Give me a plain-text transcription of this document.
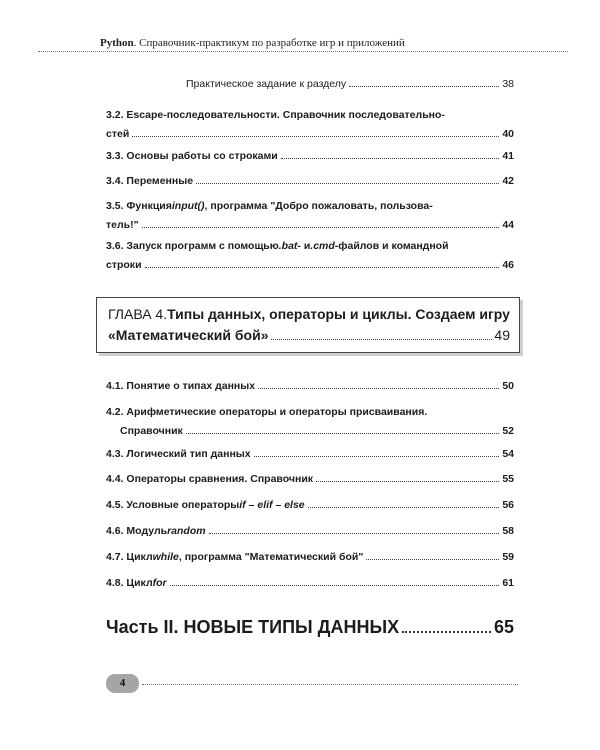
Python. Справочник-практикум по разработке игр и приложений
Практическое задание к разделу	38
3.2. Escape-последовательности. Справочник последовательно-
стей	40
3.3. Основы работы со строками	41
3.4. Переменные	42
3.5. Функция input() , программа "Добро пожаловать, пользова-
тель!"	44
3.6. Запуск программ с помощью .bat - и .cmd -файлов и командной
строки	46
ГЛАВА 4. Типы данных, операторы и циклы. Создаем игру
«Математический бой»	49
4.1. Понятие о типах данных	50
4.2. Арифметические операторы и операторы присваивания.
Справочник	52
4.3. Логический тип данных	54
4.4. Операторы сравнения. Справочник	55
4.5. Условные операторы if – elif – else	56
4.6. Модуль random	58
4.7. Цикл while , программа "Математический бой"	59
4.8. Цикл for	61
Часть II. НОВЫЕ ТИПЫ ДАННЫХ	65
4
